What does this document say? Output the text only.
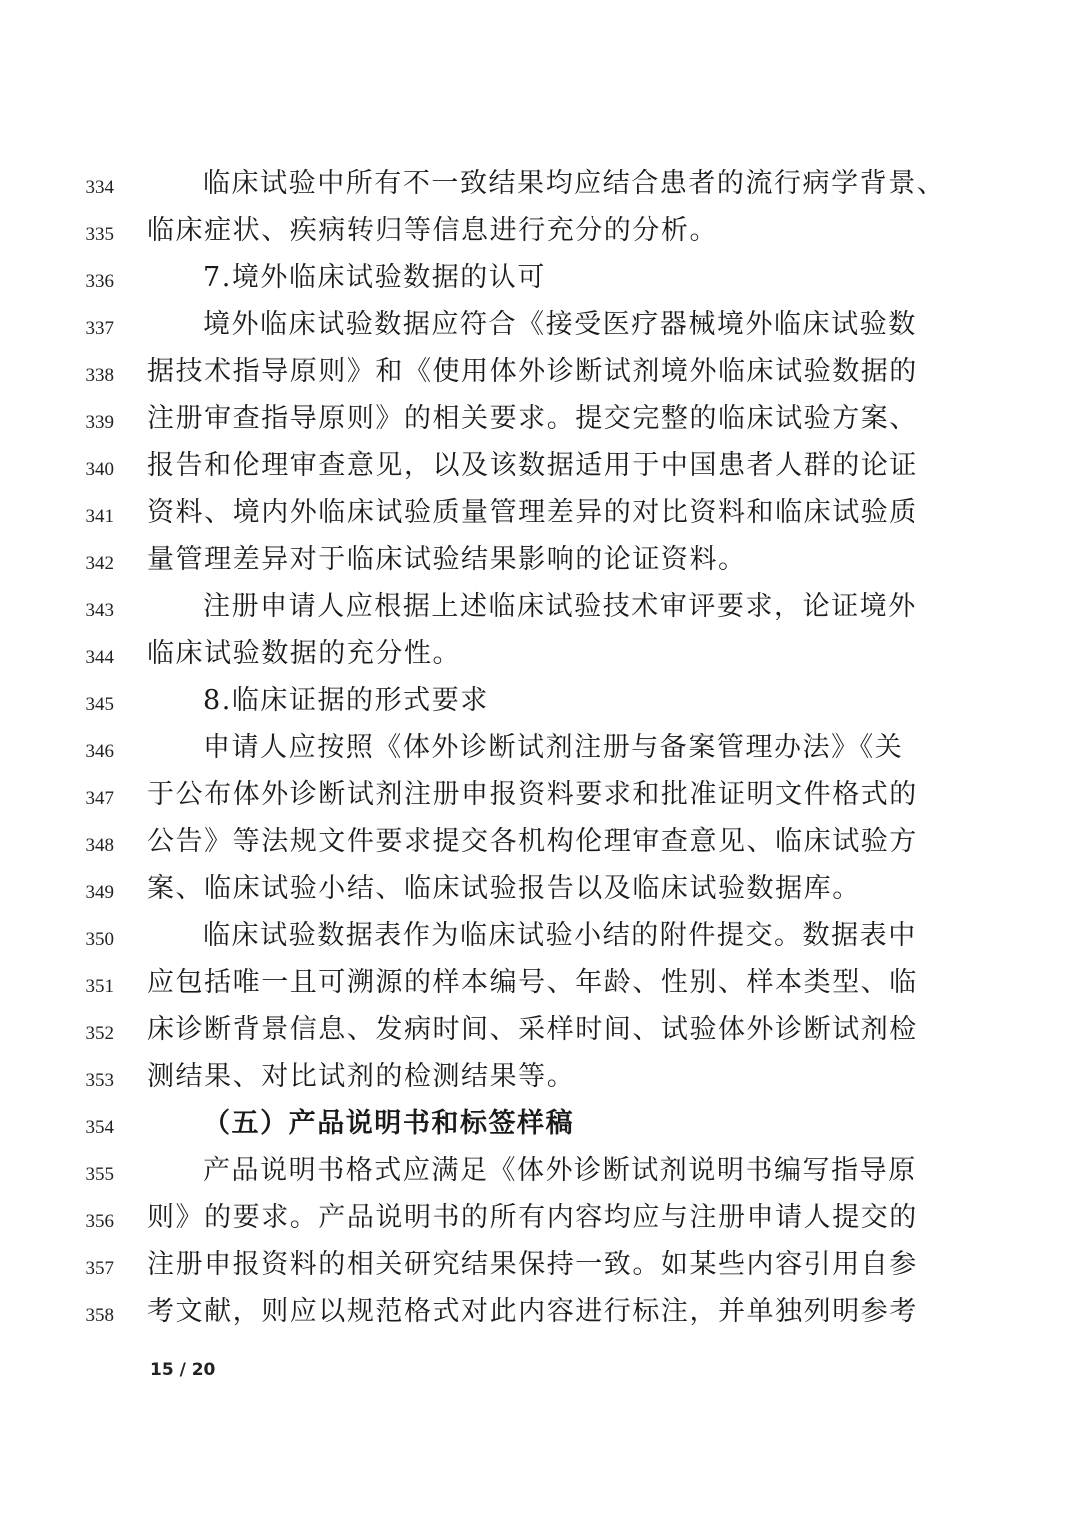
334	临床试验中所有不一致结果均应结合患者的流行病学背景、
335 临床症状、疾病转归等信息进行充分的分析。
336	7.境外临床试验数据的认可
337	境外临床试验数据应符合《接受医疗器械境外临床试验数
338 据技术指导原则》和《使用体外诊断试剂境外临床试验数据的
339 注册审查指导原则》的相关要求。提交完整的临床试验方案、
340 报告和伦理审查意见，以及该数据适用于中国患者人群的论证
341 资料、境内外临床试验质量管理差异的对比资料和临床试验质
342 量管理差异对于临床试验结果影响的论证资料。
343	注册申请人应根据上述临床试验技术审评要求，论证境外
344 临床试验数据的充分性。
345	8.临床证据的形式要求
346	申请人应按照《体外诊断试剂注册与备案管理办法》《关
347 于公布体外诊断试剂注册申报资料要求和批准证明文件格式的
348 公告》等法规文件要求提交各机构伦理审查意见、临床试验方
349 案、临床试验小结、临床试验报告以及临床试验数据库。
350	临床试验数据表作为临床试验小结的附件提交。数据表中
351 应包括唯一且可溯源的样本编号、年龄、性别、样本类型、临
352 床诊断背景信息、发病时间、采样时间、试验体外诊断试剂检
353 测结果、对比试剂的检测结果等。
354	（五）产品说明书和标签样稿
355	产品说明书格式应满足《体外诊断试剂说明书编写指导原
356 则》的要求。产品说明书的所有内容均应与注册申请人提交的
357 注册申报资料的相关研究结果保持一致。如某些内容引用自参
358 考文献，则应以规范格式对此内容进行标注，并单独列明参考
15 / 20
